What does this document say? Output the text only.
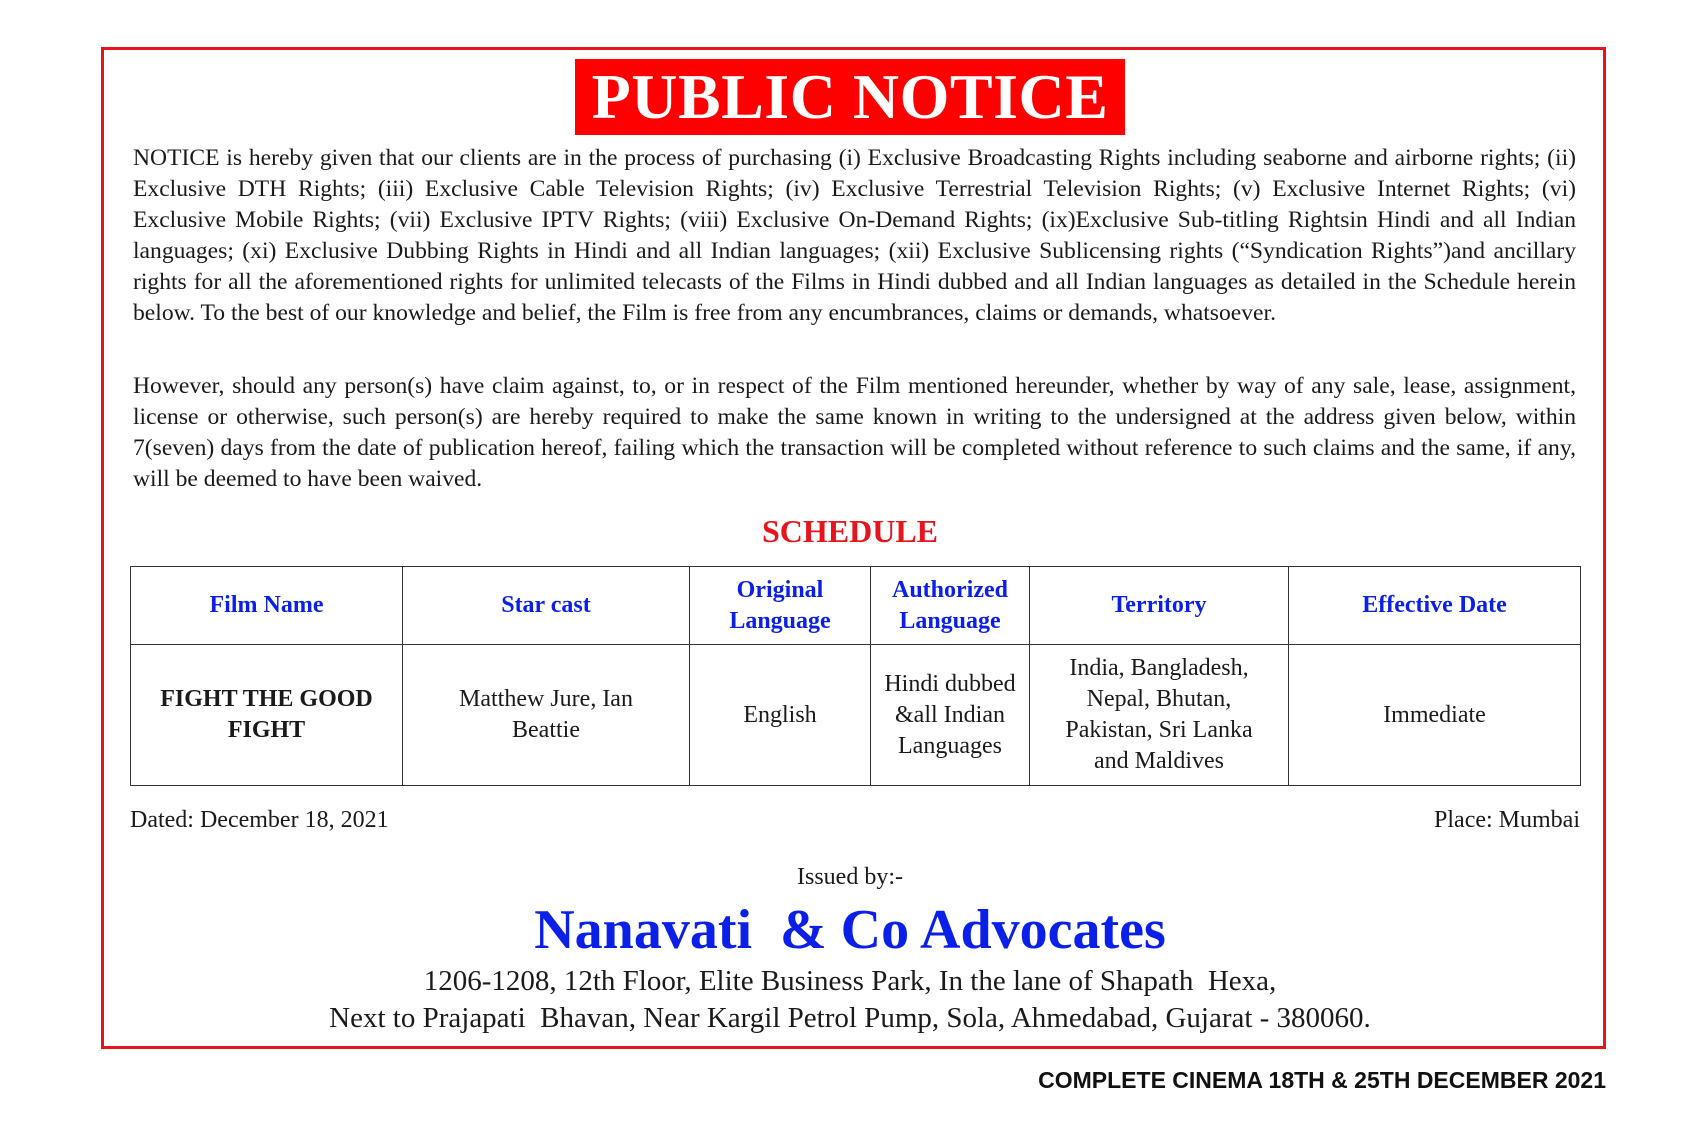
PUBLIC NOTICE

NOTICE is hereby given that our clients are in the process of purchasing (i) Exclusive Broadcasting Rights including seaborne and airborne rights; (ii) Exclusive DTH Rights; (iii) Exclusive Cable Television Rights; (iv) Exclusive Terrestrial Television Rights; (v) Exclusive Internet Rights; (vi) Exclusive Mobile Rights; (vii) Exclusive IPTV Rights; (viii) Exclusive On-Demand Rights; (ix)Exclusive Sub-titling Rightsin Hindi and all Indian languages; (xi) Exclusive Dubbing Rights in Hindi and all Indian languages; (xii) Exclusive Sublicensing rights (“Syndication Rights”)and ancillary rights for all the aforementioned rights for unlimited telecasts of the Films in Hindi dubbed and all Indian languages as detailed in the Schedule herein below. To the best of our knowledge and belief, the Film is free from any encumbrances, claims or demands, whatsoever.

However, should any person(s) have claim against, to, or in respect of the Film mentioned hereunder, whether by way of any sale, lease, assignment, license or otherwise, such person(s) are hereby required to make the same known in writing to the undersigned at the address given below, within 7(seven) days from the date of publication hereof, failing which the transaction will be completed without reference to such claims and the same, if any, will be deemed to have been waived.

SCHEDULE
Film Name	Star cast	Original Language	Authorized Language	Territory	Effective Date
FIGHT THE GOOD FIGHT	Matthew Jure, Ian Beattie	English	Hindi dubbed &all Indian Languages	India, Bangladesh, Nepal, Bhutan, Pakistan, Sri Lanka and Maldives	Immediate
Dated: December 18, 2021	Place: Mumbai
Issued by:-
Nanavati  & Co Advocates
1206-1208, 12th Floor, Elite Business Park, In the lane of Shapath  Hexa,
Next to Prajapati  Bhavan, Near Kargil Petrol Pump, Sola, Ahmedabad, Gujarat - 380060.
COMPLETE CINEMA 18TH & 25TH DECEMBER 2021
